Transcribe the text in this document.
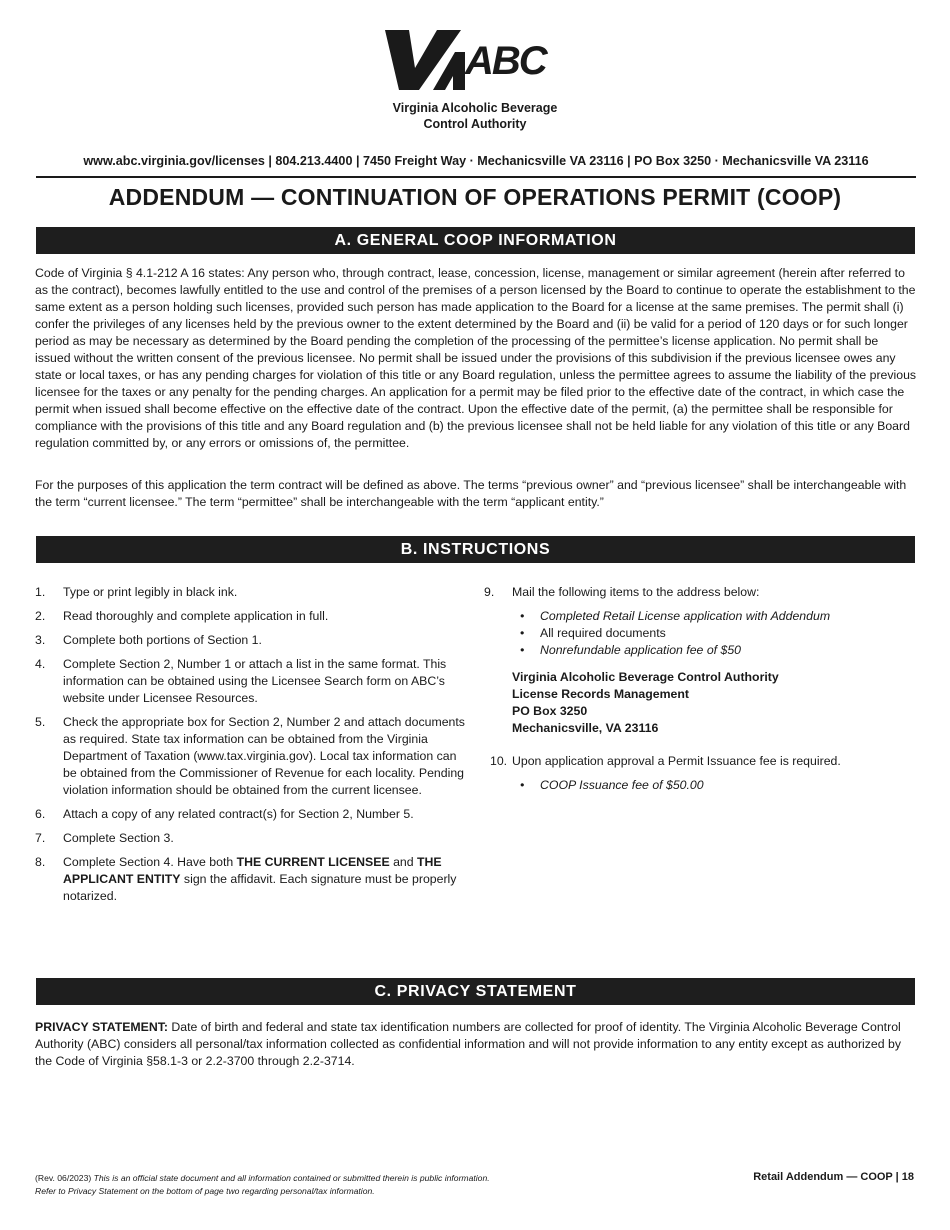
ABC
Virginia Alcoholic Beverage
Control Authority
www.abc.virginia.gov/licenses | 804.213.4400 | 7450 Freight Way · Mechanicsville VA 23116 | PO Box 3250 · Mechanicsville VA 23116
ADDENDUM — CONTINUATION OF OPERATIONS PERMIT (COOP)
A. GENERAL COOP INFORMATION

Code of Virginia § 4.1-212 A 16 states: Any person who, through contract, lease, concession, license, management or similar agreement (herein after referred to as the contract), becomes lawfully entitled to the use and control of the premises of a person licensed by the Board to continue to operate the establishment to the same extent as a person holding such licenses, provided such person has made application to the Board for a license at the same premises. The permit shall (i) confer the privileges of any licenses held by the previous owner to the extent determined by the Board and (ii) be valid for a period of 120 days or for such longer period as may be necessary as determined by the Board pending the completion of the processing of the permittee’s license application. No permit shall be issued without the written consent of the previous licensee. No permit shall be issued under the provisions of this subdivision if the previous licensee owes any state or local taxes, or has any pending charges for violation of this title or any Board regulation, unless the permittee agrees to assume the liability of the previous licensee for the taxes or any penalty for the pending charges. An application for a permit may be filed prior to the effective date of the contract, in which case the permit when issued shall become effective on the effective date of the contract. Upon the effective date of the permit, (a) the permittee shall be responsible for compliance with the provisions of this title and any Board regulation and (b) the previous licensee shall not be held liable for any violation of this title or any Board regulation committed by, or any errors or omissions of, the permittee.

For the purposes of this application the term contract will be defined as above. The terms “previous owner” and “previous licensee” shall be interchangeable with the term “current licensee.” The term “permittee” shall be interchangeable with the term “applicant entity.”

B. INSTRUCTIONS
1.	Type or print legibly in black ink.
2.	Read thoroughly and complete application in full.
3.	Complete both portions of Section 1.
4.	Complete Section 2, Number 1 or attach a list in the same format. This information can be obtained using the Licensee Search form on ABC’s website under Licensee Resources.
5.	Check the appropriate box for Section 2, Number 2 and attach documents as required. State tax information can be obtained from the Virginia Department of Taxation (www.tax.virginia.gov). Local tax information can be obtained from the Commissioner of Revenue for each locality. Pending violation information should be obtained from the current licensee.
6.	Attach a copy of any related contract(s) for Section 2, Number 5.
7.	Complete Section 3.
8.	Complete Section 4. Have both THE CURRENT LICENSEE and THE APPLICANT ENTITY sign the affidavit. Each signature must be properly notarized.
9.	Mail the following items to the address below:
• Completed Retail License application with Addendum
• All required documents
• Nonrefundable application fee of $50
Virginia Alcoholic Beverage Control Authority
License Records Management
PO Box 3250
Mechanicsville, VA 23116
10. Upon application approval a Permit Issuance fee is required.
• COOP Issuance fee of $50.00
C. PRIVACY STATEMENT

PRIVACY STATEMENT: Date of birth and federal and state tax identification numbers are collected for proof of identity. The Virginia Alcoholic Beverage Control Authority (ABC) considers all personal/tax information collected as confidential information and will not provide information to any entity except as authorized by the Code of Virginia §58.1-3 or 2.2-3700 through 2.2-3714.

(Rev. 06/2023) This is an official state document and all information contained or submitted therein is public information.
Refer to Privacy Statement on the bottom of page two regarding personal/tax information.
Retail Addendum — COOP | 18
